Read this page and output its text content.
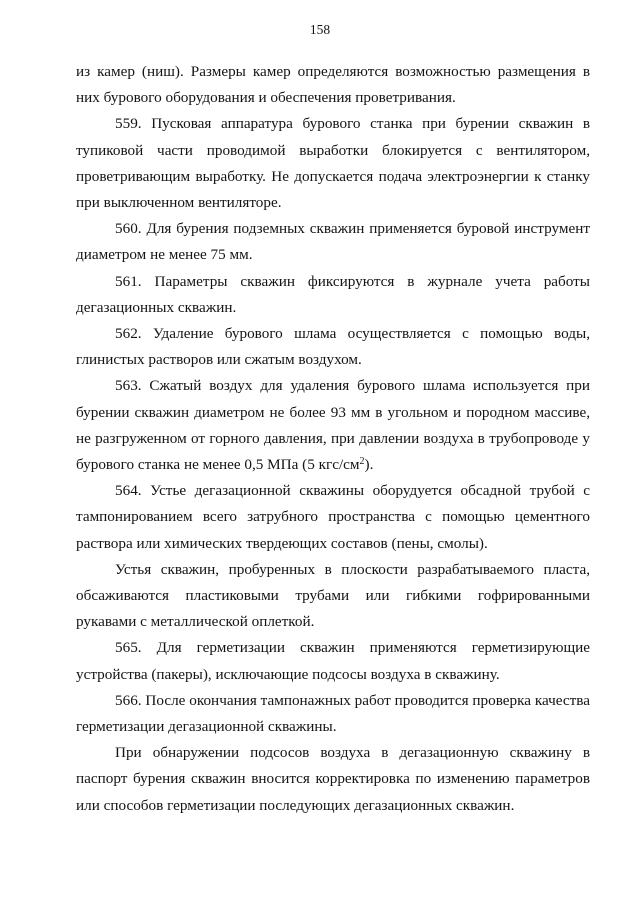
158

из камер (ниш). Размеры камер определяются возможностью размещения в них бурового оборудования и обеспечения проветривания.

559. Пусковая аппаратура бурового станка при бурении скважин в тупиковой части проводимой выработки блокируется с вентилятором, проветривающим выработку. Не допускается подача электроэнергии к станку при выключенном вентиляторе.

560. Для бурения подземных скважин применяется буровой инструмент диаметром не менее 75 мм.

561. Параметры скважин фиксируются в журнале учета работы дегазационных скважин.

562. Удаление бурового шлама осуществляется с помощью воды, глинистых растворов или сжатым воздухом.

563. Сжатый воздух для удаления бурового шлама используется при бурении скважин диаметром не более 93 мм в угольном и породном массиве, не разгруженном от горного давления, при давлении воздуха в трубопроводе у бурового станка не менее 0,5 МПа (5 кгс/$см^2$).

564. Устье дегазационной скважины оборудуется обсадной трубой с тампонированием всего затрубного пространства с помощью цементного раствора или химических твердеющих составов (пены, смолы).

Устья скважин, пробуренных в плоскости разрабатываемого пласта, обсаживаются пластиковыми трубами или гибкими гофрированными рукавами с металлической оплеткой.

565. Для герметизации скважин применяются герметизирующие устройства (пакеры), исключающие подсосы воздуха в скважину.

566. После окончания тампонажных работ проводится проверка качества герметизации дегазационной скважины.

При обнаружении подсосов воздуха в дегазационную скважину в паспорт бурения скважин вносится корректировка по изменению параметров или способов герметизации последующих дегазационных скважин.
